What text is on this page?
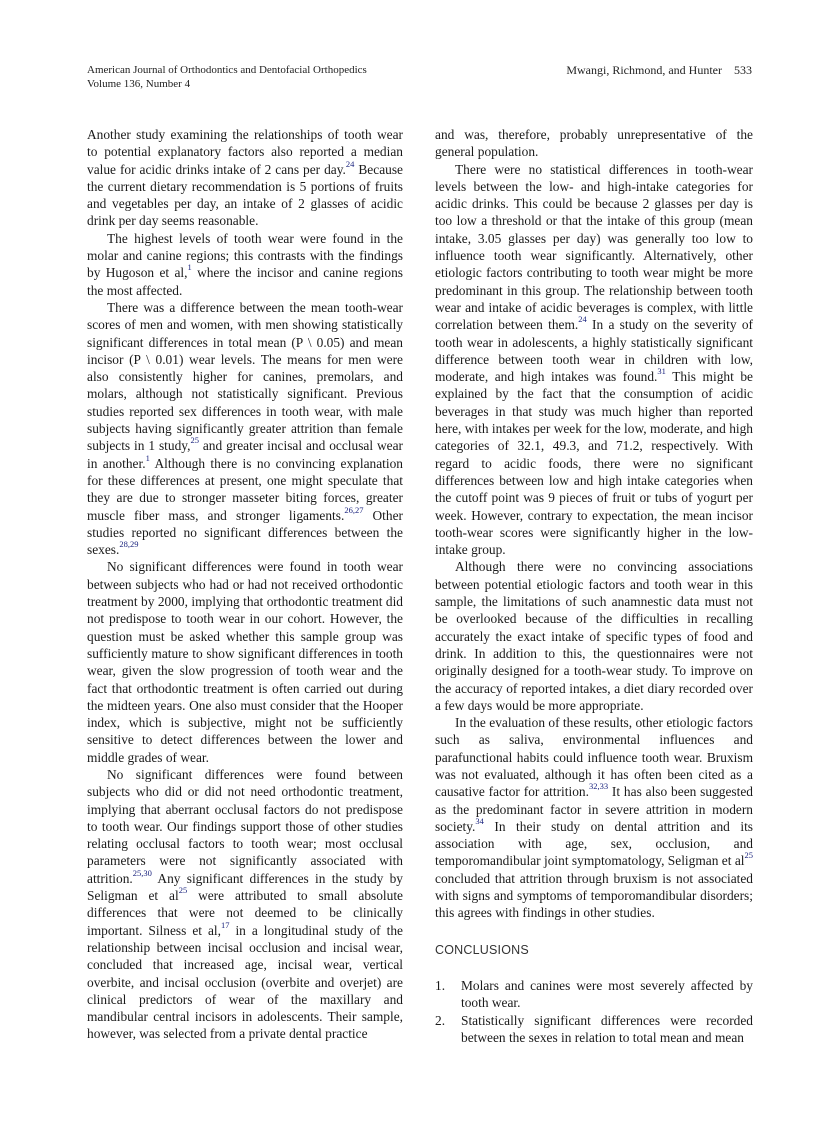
American Journal of Orthodontics and Dentofacial Orthopedics
Volume 136, Number 4
Mwangi, Richmond, and Hunter 533

Another study examining the relationships of tooth wear to potential explanatory factors also reported a median value for acidic drinks intake of 2 cans per day.$^{24}$ Because the current dietary recommendation is 5 portions of fruits and vegetables per day, an intake of 2 glasses of acidic drink per day seems reasonable.

The highest levels of tooth wear were found in the molar and canine regions; this contrasts with the findings by Hugoson et al,$^1$ where the incisor and canine regions the most affected.

There was a difference between the mean tooth-wear scores of men and women, with men showing statistically significant differences in total mean (P \ 0.05) and mean incisor (P \ 0.01) wear levels. The means for men were also consistently higher for canines, premolars, and molars, although not statistically significant. Previous studies reported sex differences in tooth wear, with male subjects having significantly greater attrition than female subjects in 1 study,$^{25}$ and greater incisal and occlusal wear in another.$^1$ Although there is no convincing explanation for these differences at present, one might speculate that they are due to stronger masseter biting forces, greater muscle fiber mass, and stronger ligaments.$^{26,27}$ Other studies reported no significant differences between the sexes.$^{28,29}$

No significant differences were found in tooth wear between subjects who had or had not received orthodontic treatment by 2000, implying that orthodontic treatment did not predispose to tooth wear in our cohort. However, the question must be asked whether this sample group was sufficiently mature to show significant differences in tooth wear, given the slow progression of tooth wear and the fact that orthodontic treatment is often carried out during the midteen years. One also must consider that the Hooper index, which is subjective, might not be sufficiently sensitive to detect differences between the lower and middle grades of wear.

No significant differences were found between subjects who did or did not need orthodontic treatment, implying that aberrant occlusal factors do not predispose to tooth wear. Our findings support those of other studies relating occlusal factors to tooth wear; most occlusal parameters were not significantly associated with attrition.$^{25,30}$ Any significant differences in the study by Seligman et $al^{25}$ were attributed to small absolute differences that were not deemed to be clinically important. Silness et al,$^{17}$ in a longitudinal study of the relationship between incisal occlusion and incisal wear, concluded that increased age, incisal wear, vertical overbite, and incisal occlusion (overbite and overjet) are clinical predictors of wear of the maxillary and mandibular central incisors in adolescents. Their sample, however, was selected from a private dental practice

and was, therefore, probably unrepresentative of the general population.

There were no statistical differences in tooth-wear levels between the low- and high-intake categories for acidic drinks. This could be because 2 glasses per day is too low a threshold or that the intake of this group (mean intake, 3.05 glasses per day) was generally too low to influence tooth wear significantly. Alternatively, other etiologic factors contributing to tooth wear might be more predominant in this group. The relationship between tooth wear and intake of acidic beverages is complex, with little correlation between them.$^{24}$ In a study on the severity of tooth wear in adolescents, a highly statistically significant difference between tooth wear in children with low, moderate, and high intakes was found.$^{31}$ This might be explained by the fact that the consumption of acidic beverages in that study was much higher than reported here, with intakes per week for the low, moderate, and high categories of 32.1, 49.3, and 71.2, respectively. With regard to acidic foods, there were no significant differences between low and high intake categories when the cutoff point was 9 pieces of fruit or tubs of yogurt per week. However, contrary to expectation, the mean incisor tooth-wear scores were significantly higher in the low-intake group.

Although there were no convincing associations between potential etiologic factors and tooth wear in this sample, the limitations of such anamnestic data must not be overlooked because of the difficulties in recalling accurately the exact intake of specific types of food and drink. In addition to this, the questionnaires were not originally designed for a tooth-wear study. To improve on the accuracy of reported intakes, a diet diary recorded over a few days would be more appropriate.

In the evaluation of these results, other etiologic factors such as saliva, environmental influences and parafunctional habits could influence tooth wear. Bruxism was not evaluated, although it has often been cited as a causative factor for attrition.$^{32,33}$ It has also been suggested as the predominant factor in severe attrition in modern society.$^{34}$ In their study on dental attrition and its association with age, sex, occlusion, and temporomandibular joint symptomatology, Seligman et $al^{25}$ concluded that attrition through bruxism is not associated with signs and symptoms of temporomandibular disorders; this agrees with findings in other studies.

CONCLUSIONS
1. Molars and canines were most severely affected by tooth wear.
2. Statistically significant differences were recorded between the sexes in relation to total mean and mean
